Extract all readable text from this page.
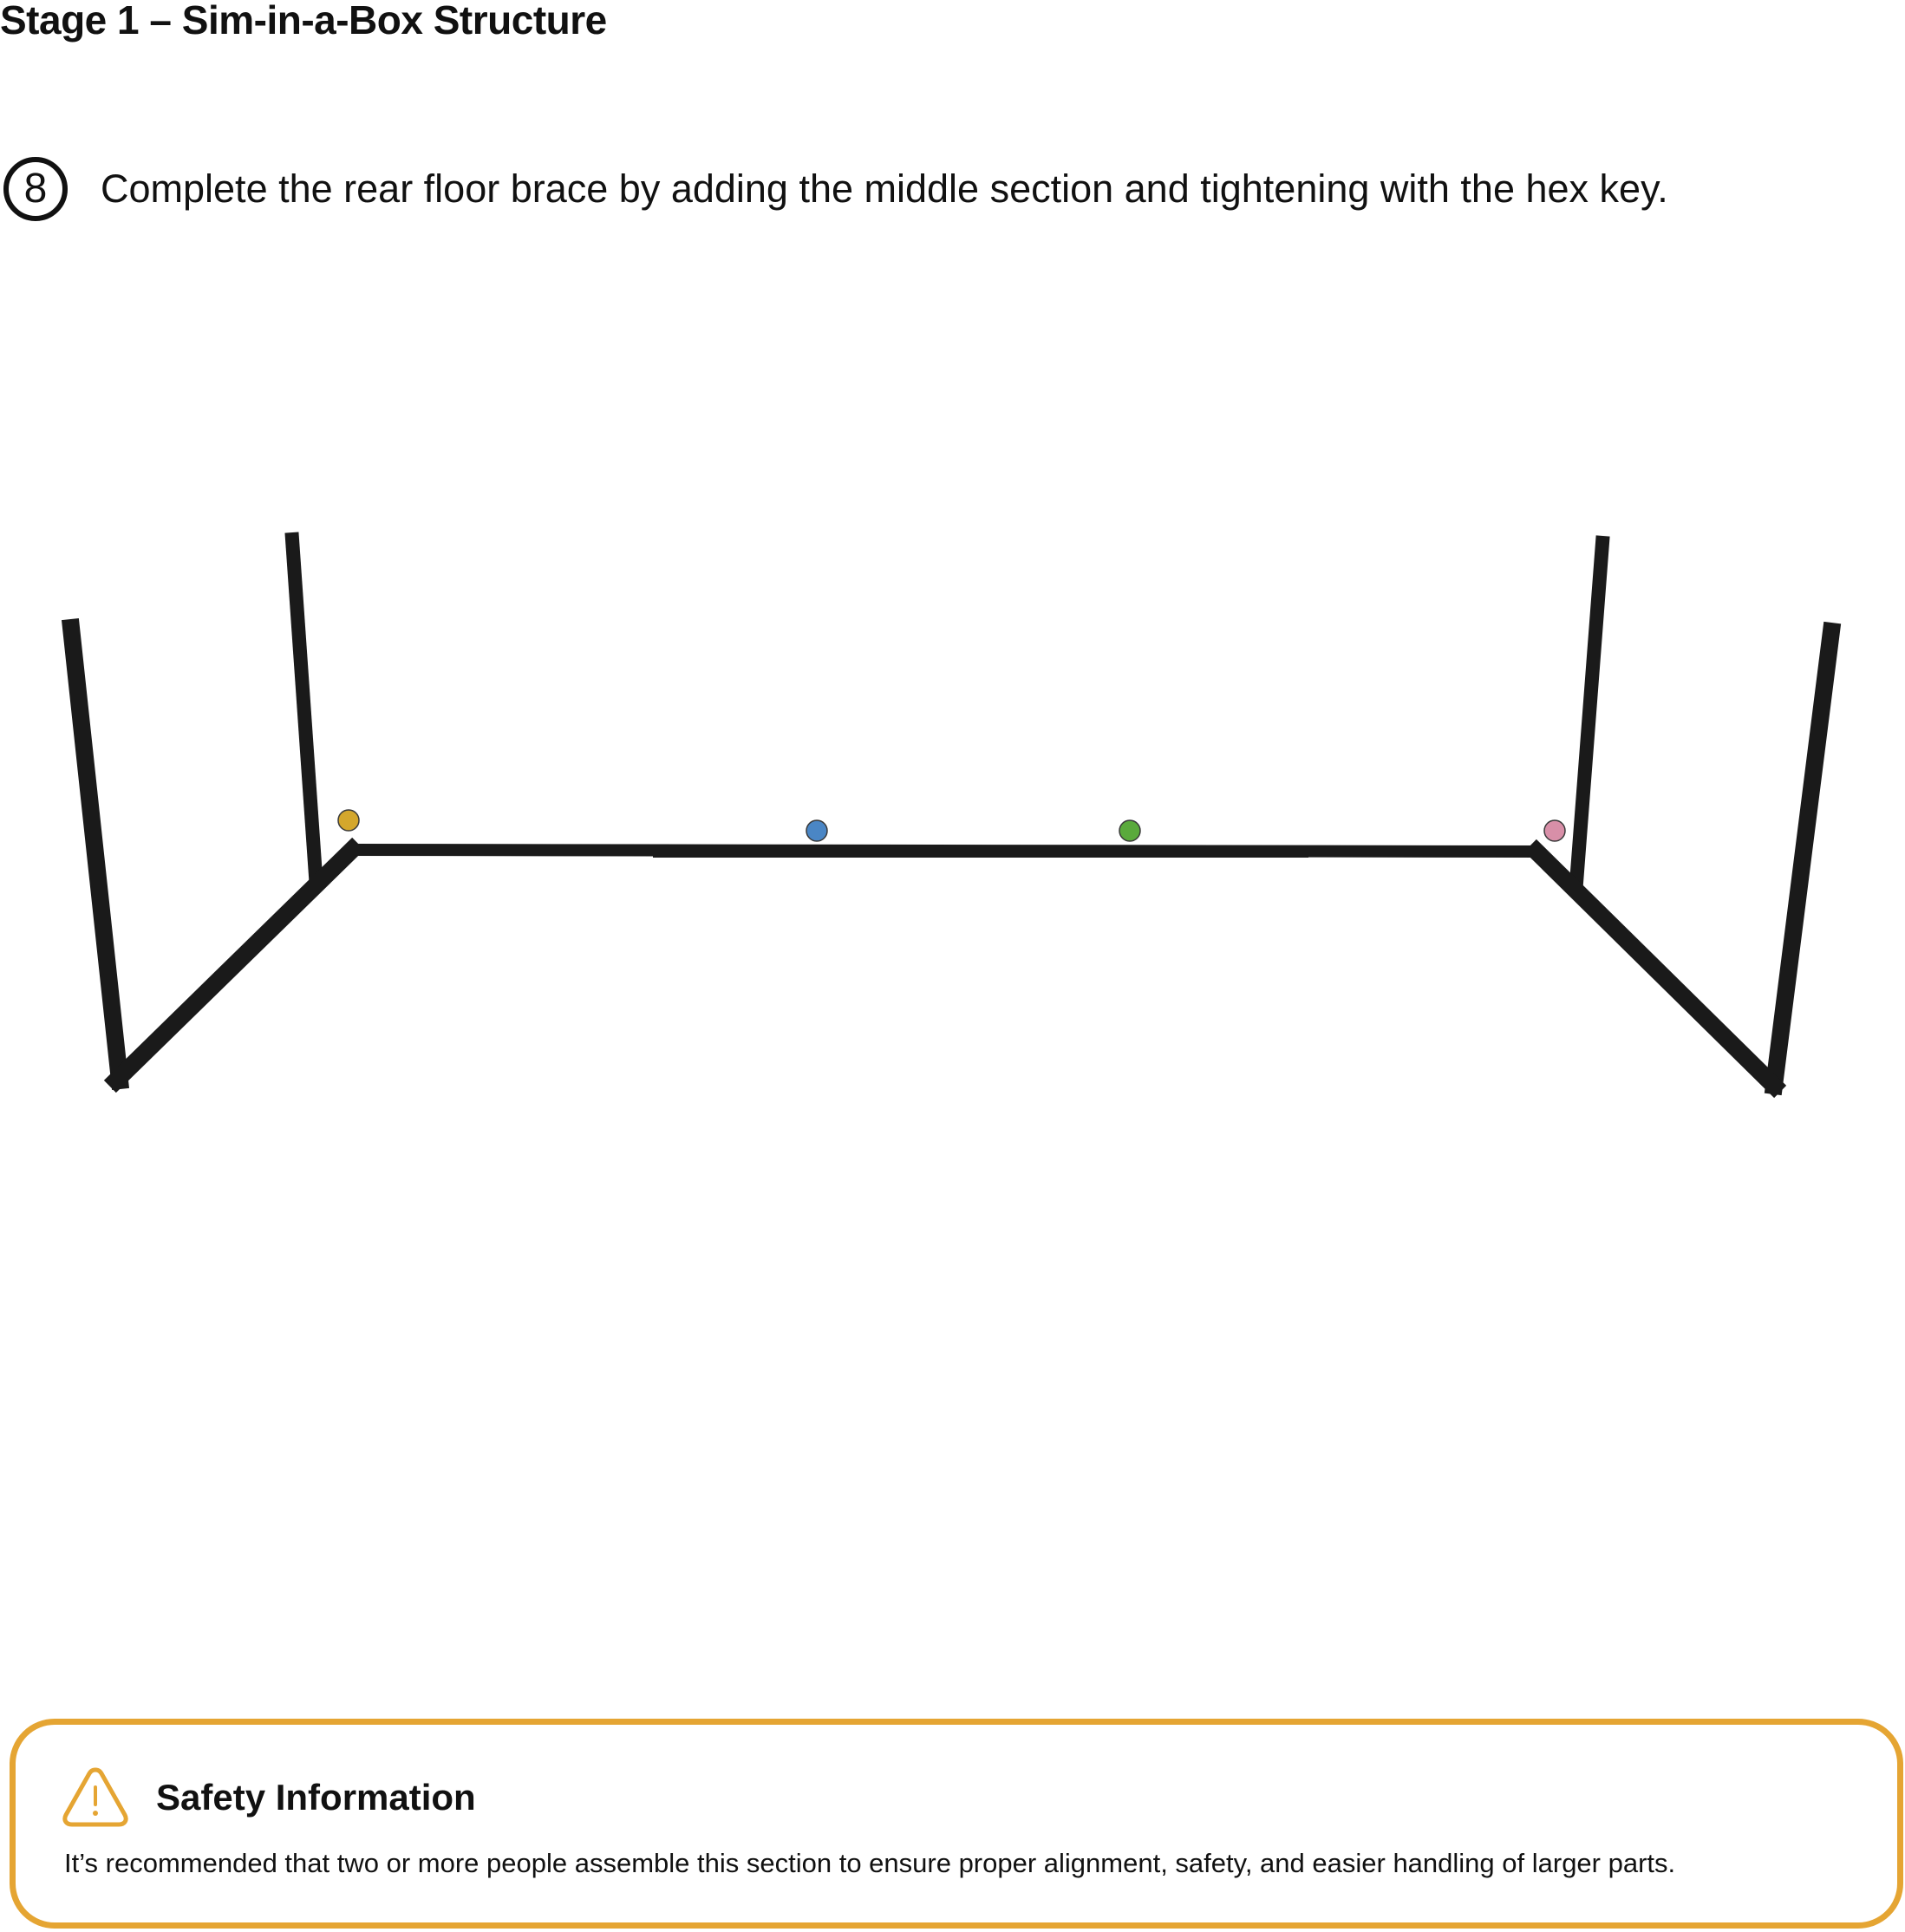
Stage 1 – Sim-in-a-Box Structure
8	Complete the rear floor brace by adding the middle section and tightening with the hex key.
Safety Information
It’s recommended that two or more people assemble this section to ensure proper alignment, safety, and easier handling of larger parts.
